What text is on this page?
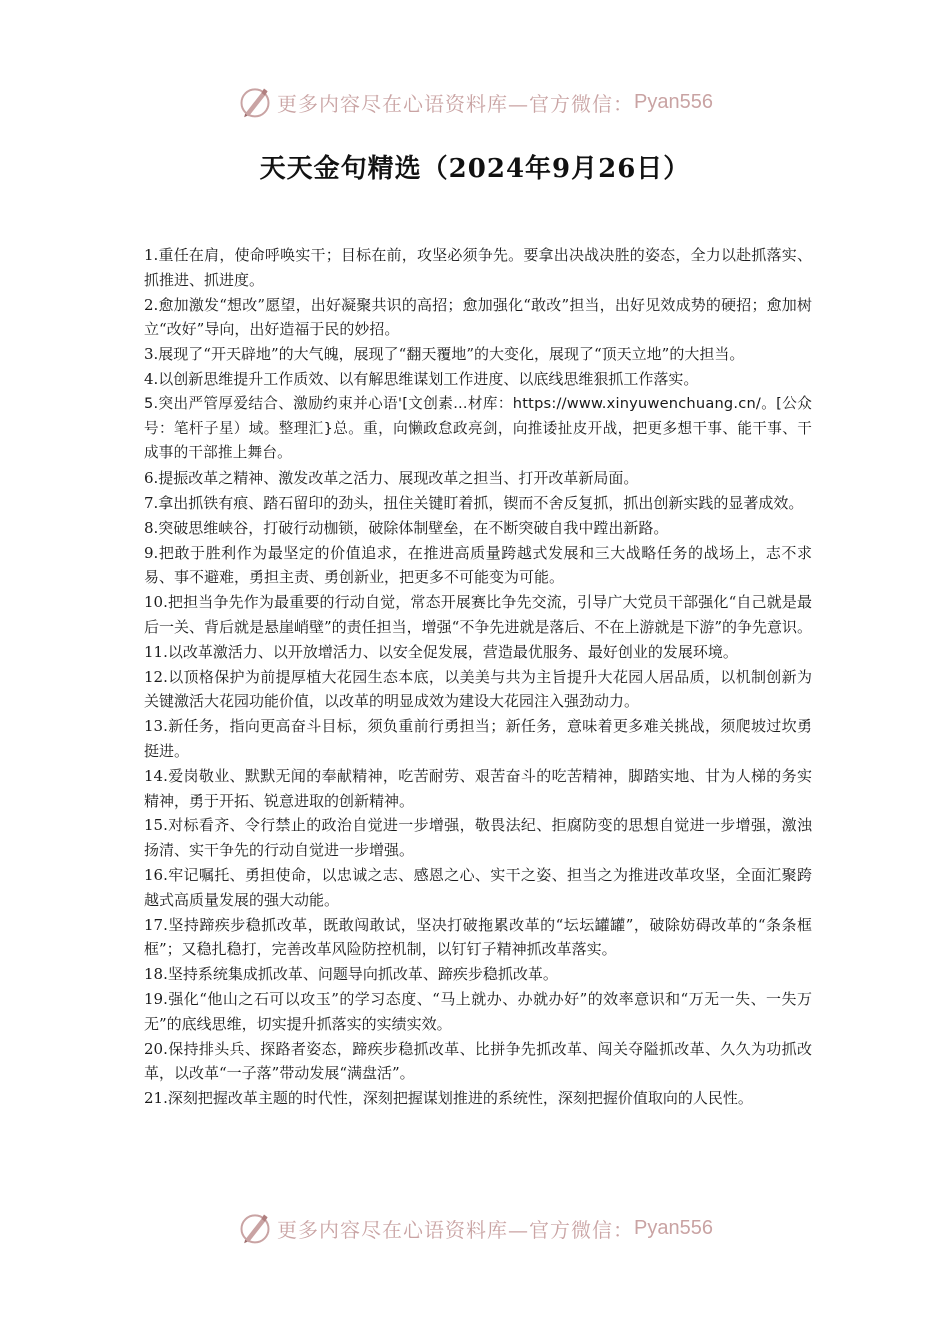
更多内容尽在心语资料库—官方微信： Pyan556
天天金句精选（2024年9月26日）

1.重任在肩，使命呼唤实干；目标在前，攻坚必须争先。要拿出决战决胜的姿态，全力以赴抓落实、抓推进、抓进度。

2.愈加激发“想改”愿望，出好凝聚共识的高招；愈加强化“敢改”担当，出好见效成势的硬招；愈加树立“改好”导向，出好造福于民的妙招。

3.展现了“开天辟地”的大气魄，展现了“翻天覆地”的大变化，展现了“顶天立地”的大担当。

4.以创新思维提升工作质效、以有解思维谋划工作进度、以底线思维狠抓工作落实。

5.突出严管厚爱结合、激励约束并心语'[文创素...材库：https://www.xinyuwenchuang.cn/。[公众号：笔杆子星）域。整理汇}总。重，向懒政怠政亮剑，向推诿扯皮开战，把更多想干事、能干事、干成事的干部推上舞台。

6.提振改革之精神、激发改革之活力、展现改革之担当、打开改革新局面。

7.拿出抓铁有痕、踏石留印的劲头，扭住关键盯着抓，锲而不舍反复抓，抓出创新实践的显著成效。

8.突破思维峡谷，打破行动枷锁，破除体制壁垒，在不断突破自我中蹚出新路。

9.把敢于胜利作为最坚定的价值追求，在推进高质量跨越式发展和三大战略任务的战场上，志不求易、事不避难，勇担主责、勇创新业，把更多不可能变为可能。

10.把担当争先作为最重要的行动自觉，常态开展赛比争先交流，引导广大党员干部强化“自己就是最后一关、背后就是悬崖峭壁”的责任担当，增强“不争先进就是落后、不在上游就是下游”的争先意识。

11.以改革激活力、以开放增活力、以安全促发展，营造最优服务、最好创业的发展环境。

12.以顶格保护为前提厚植大花园生态本底，以美美与共为主旨提升大花园人居品质，以机制创新为关键激活大花园功能价值，以改革的明显成效为建设大花园注入强劲动力。

13.新任务，指向更高奋斗目标，须负重前行勇担当；新任务，意味着更多难关挑战，须爬坡过坎勇挺进。

14.爱岗敬业、默默无闻的奉献精神，吃苦耐劳、艰苦奋斗的吃苦精神，脚踏实地、甘为人梯的务实精神，勇于开拓、锐意进取的创新精神。

15.对标看齐、令行禁止的政治自觉进一步增强，敬畏法纪、拒腐防变的思想自觉进一步增强，激浊扬清、实干争先的行动自觉进一步增强。

16.牢记嘱托、勇担使命，以忠诚之志、感恩之心、实干之姿、担当之为推进改革攻坚，全面汇聚跨越式高质量发展的强大动能。

17.坚持蹄疾步稳抓改革，既敢闯敢试，坚决打破拖累改革的“坛坛罐罐”，破除妨碍改革的“条条框框”；又稳扎稳打，完善改革风险防控机制，以钉钉子精神抓改革落实。

18.坚持系统集成抓改革、问题导向抓改革、蹄疾步稳抓改革。

19.强化“他山之石可以攻玉”的学习态度、“马上就办、办就办好”的效率意识和“万无一失、一失万无”的底线思维，切实提升抓落实的实绩实效。

20.保持排头兵、探路者姿态，蹄疾步稳抓改革、比拼争先抓改革、闯关夺隘抓改革、久久为功抓改革，以改革“一子落”带动发展“满盘活”。

21.深刻把握改革主题的时代性，深刻把握谋划推进的系统性，深刻把握价值取向的人民性。

更多内容尽在心语资料库—官方微信： Pyan556
